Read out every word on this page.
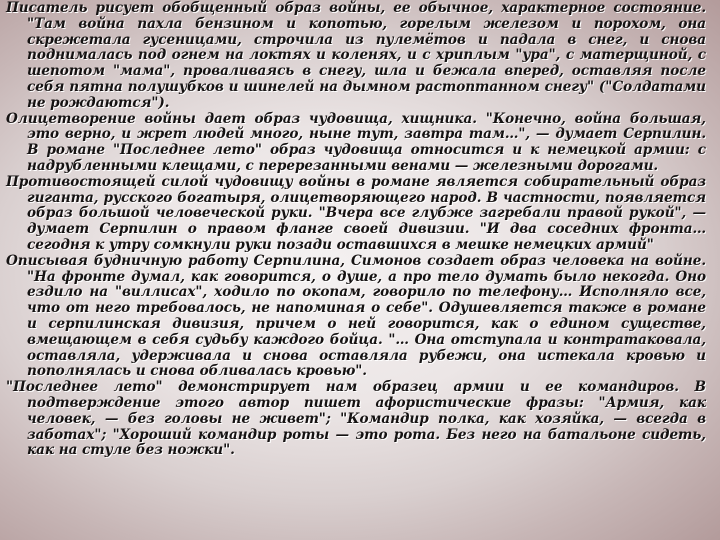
Писатель рисует обобщенный образ войны, ее обычное, характерное состояние. "Там война пахла бензином и копотью, горелым железом и порохом, она скрежетала гусеницами, строчила из пулемётов и падала в снег, и снова поднималась под огнем на локтях и коленях, и с хриплым "ура", с матерщиной, с шепотом "мама", проваливаясь в снегу, шла и бежала вперед, оставляя после себя пятна полушубков и шинелей на дымном растоптанном снегу" ("Солдатами не рождаются").

Олицетворение войны дает образ чудовища, хищника. "Конечно, война большая, это верно, и жрет людей много, ныне тут, завтра там…", — думает Серпилин. В романе "Последнее лето" образ чудовища относится и к немецкой армии: с надрубленными клещами, с перерезанными венами — железными дорогами.

Противостоящей силой чудовищу войны в романе является собирательный образ гиганта, русского богатыря, олицетворяющего народ. В частности, появляется образ большой человеческой руки. "Вчера все глубже загребали правой рукой", — думает Серпилин о правом фланге своей дивизии. "И два соседних фронта… сегодня к утру сомкнули руки позади оставшихся в мешке немецких армий"

Описывая будничную работу Серпилина, Симонов создает образ человека на войне. "На фронте думал, как говорится, о душе, а про тело думать было некогда. Оно ездило на "виллисах", ходило по окопам, говорило по телефону… Исполняло все, что от него требовалось, не напоминая о себе". Одушевляется также в романе и серпилинская дивизия, причем о ней говорится, как о едином существе, вмещающем в себя судьбу каждого бойца. "… Она отступала и контратаковала, оставляла, удерживала и снова оставляла рубежи, она истекала кровью и пополнялась и снова обливалась кровью".

"Последнее лето" демонстрирует нам образец армии и ее командиров. В подтверждение этого автор пишет афористические фразы: "Армия, как человек, — без головы не живет"; "Командир полка, как хозяйка, — всегда в заботах"; "Хороший командир роты — это рота. Без него на батальоне сидеть, как на стуле без ножки".
